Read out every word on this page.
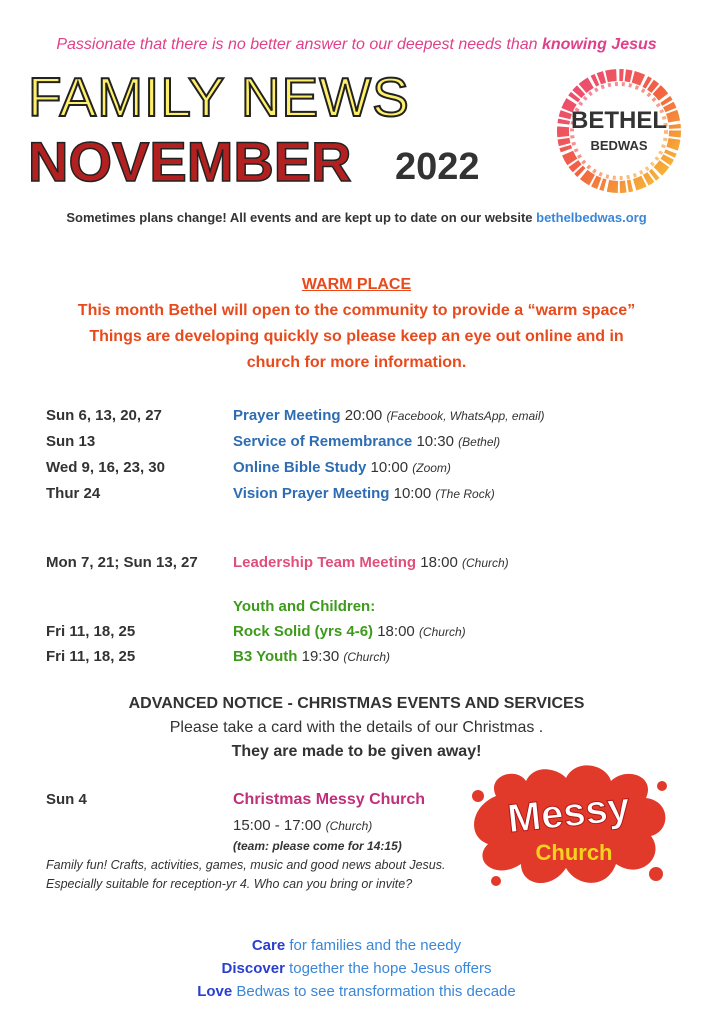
Passionate that there is no better answer to our deepest needs than knowing Jesus
FAMILY NEWS
NOVEMBER 2022
BETHEL
BEDWAS
Sometimes plans change! All events and are kept up to date on our website bethelbedwas.org
WARM PLACE
This month Bethel will open to the community to provide a “warm space”
Things are developing quickly so please keep an eye out online and in
church for more information.
Sun 6, 13, 20, 27	Prayer Meeting 20:00 (Facebook, WhatsApp, email)
Sun 13	Service of Remembrance 10:30 (Bethel)
Wed 9, 16, 23, 30	Online Bible Study 10:00 (Zoom)
Thur 24	Vision Prayer Meeting 10:00 (The Rock)
Mon 7, 21; Sun 13, 27 Leadership Team Meeting 18:00 (Church)
Youth and Children:
Fri 11, 18, 25	Rock Solid (yrs 4-6) 18:00 (Church)
Fri 11, 18, 25	B3 Youth 19:30 (Church)
ADVANCED NOTICE - CHRISTMAS EVENTS AND SERVICES
Please take a card with the details of our Christmas .
They are made to be given away!
Sun 4	Christmas Messy Church
15:00 - 17:00 (Church)
(team: please come for 14:15)
Family fun! Crafts, activities, games, music and good news about Jesus.
Especially suitable for reception-yr 4. Who can you bring or invite?
Messy
Church
Care for families and the needy
Discover together the hope Jesus offers
Love Bedwas to see transformation this decade
